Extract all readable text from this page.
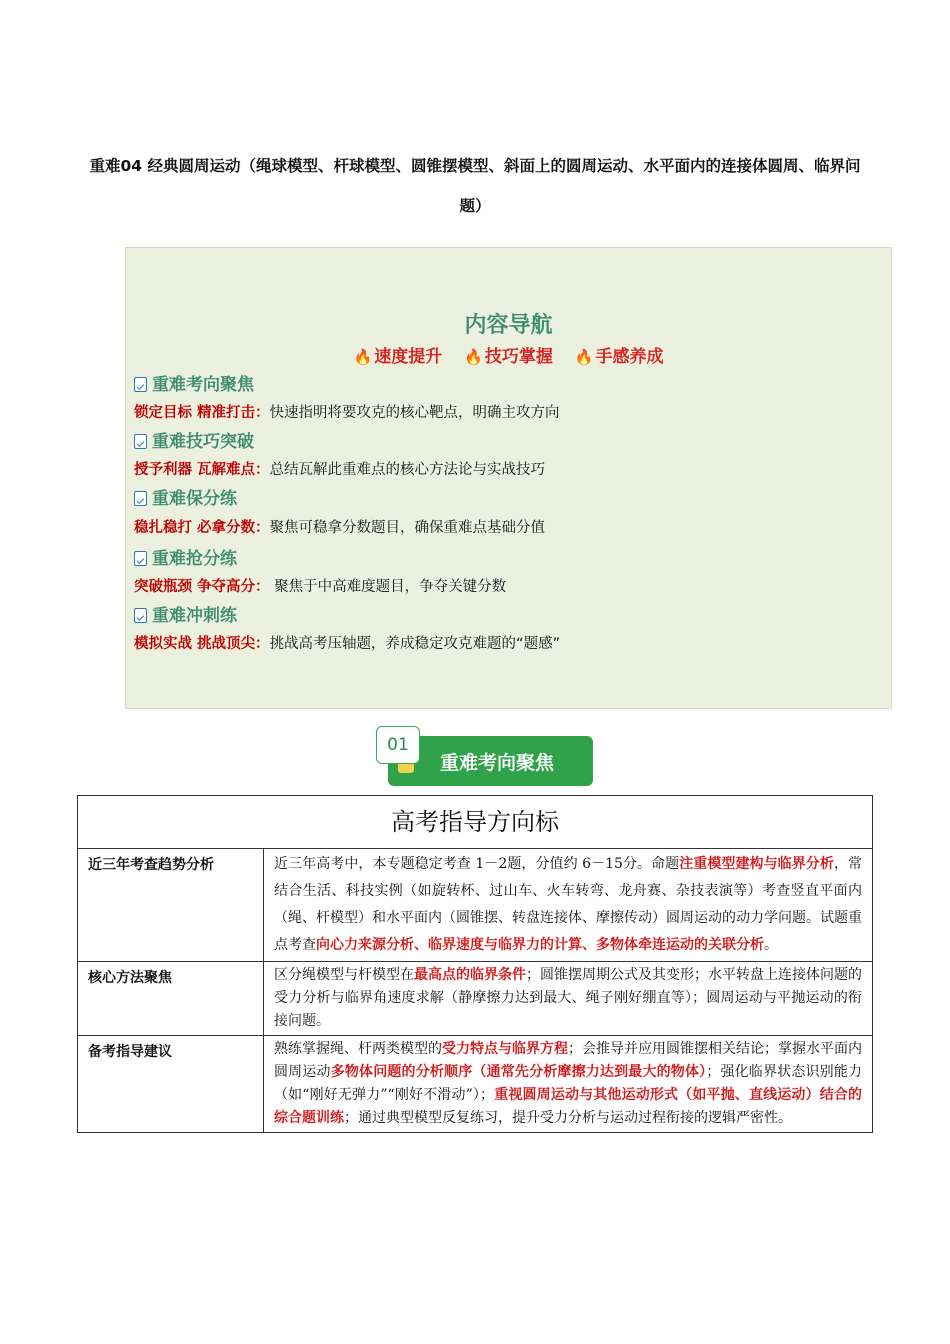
重难04 经典圆周运动（绳球模型、杆球模型、圆锥摆模型、斜面上的圆周运动、水平面内的连接体圆周、临界问题）
内容导航
🔥 速度提升 🔥 技巧掌握 🔥 手感养成
重难考向聚焦
锁定目标 精准打击：快速指明将要攻克的核心靶点，明确主攻方向
重难技巧突破
授予利器 瓦解难点：总结瓦解此重难点的核心方法论与实战技巧
重难保分练
稳扎稳打 必拿分数：聚焦可稳拿分数题目，确保重难点基础分值
重难抢分练
突破瓶颈 争夺高分： 聚焦于中高难度题目，争夺关键分数
重难冲刺练
模拟实战 挑战顶尖：挑战高考压轴题，养成稳定攻克难题的“题感”
重难考向聚焦
01
高考指导方向标	
近三年考查趋势分析	近三年高考中，本专题稳定考查 1－2题，分值约 6－15分。命题注重模型建构与临界分析，常结合生活、科技实例（如旋转杯、过山车、火车转弯、龙舟赛、杂技表演等）考查竖直平面内（绳、杆模型）和水平面内（圆锥摆、转盘连接体、摩擦传动）圆周运动的动力学问题。试题重点考查向心力来源分析、临界速度与临界力的计算、多物体牵连运动的关联分析。
核心方法聚焦	区分绳模型与杆模型在最高点的临界条件；圆锥摆周期公式及其变形；水平转盘上连接体问题的受力分析与临界角速度求解（静摩擦力达到最大、绳子刚好绷直等）；圆周运动与平抛运动的衔接问题。
备考指导建议	熟练掌握绳、杆两类模型的受力特点与临界方程；会推导并应用圆锥摆相关结论；掌握水平面内圆周运动多物体问题的分析顺序（通常先分析摩擦力达到最大的物体）；强化临界状态识别能力（如“刚好无弹力”“刚好不滑动”）；重视圆周运动与其他运动形式（如平抛、直线运动）结合的综合题训练；通过典型模型反复练习，提升受力分析与运动过程衔接的逻辑严密性。
